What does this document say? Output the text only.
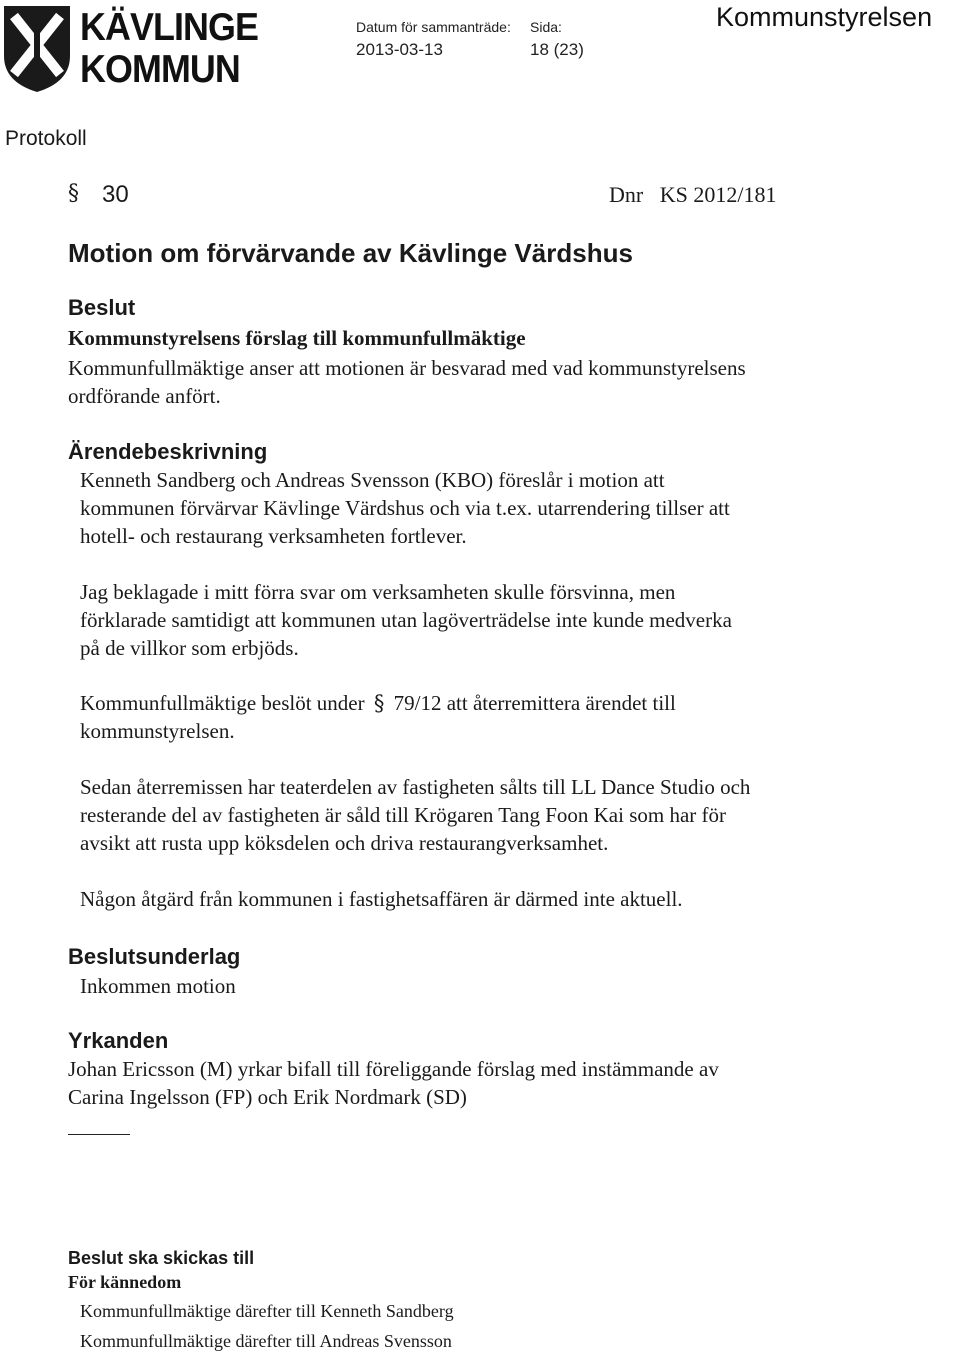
KÄVLINGE
KOMMUN
Datum för sammanträde: Sida:
2013-03-13	18 (23)
Kommunstyrelsen
Protokoll
§ 30	Dnr   KS 2012/181
Motion om förvärvande av Kävlinge Värdshus
Beslut
Kommunstyrelsens förslag till kommunfullmäktige
Kommunfullmäktige anser att motionen är besvarad med vad kommunstyrelsens
ordförande anfört.
Ärendebeskrivning
Kenneth Sandberg och Andreas Svensson (KBO) föreslår i motion att
kommunen förvärvar Kävlinge Värdshus och via t.ex. utarrendering tillser att
hotell- och restaurang verksamheten fortlever.
Jag beklagade i mitt förra svar om verksamheten skulle försvinna, men
förklarade samtidigt att kommunen utan lagöverträdelse inte kunde medverka
på de villkor som erbjöds.
Kommunfullmäktige beslöt under § 79/12 att återremittera ärendet till
kommunstyrelsen.
Sedan återremissen har teaterdelen av fastigheten sålts till LL Dance Studio och
resterande del av fastigheten är såld till Krögaren Tang Foon Kai som har för
avsikt att rusta upp köksdelen och driva restaurangverksamhet.
Någon åtgärd från kommunen i fastighetsaffären är därmed inte aktuell.
Beslutsunderlag
Inkommen motion
Yrkanden
Johan Ericsson (M) yrkar bifall till föreliggande förslag med instämmande av
Carina Ingelsson (FP) och Erik Nordmark (SD)
Beslut ska skickas till
För kännedom
Kommunfullmäktige därefter till Kenneth Sandberg
Kommunfullmäktige därefter till Andreas Svensson
